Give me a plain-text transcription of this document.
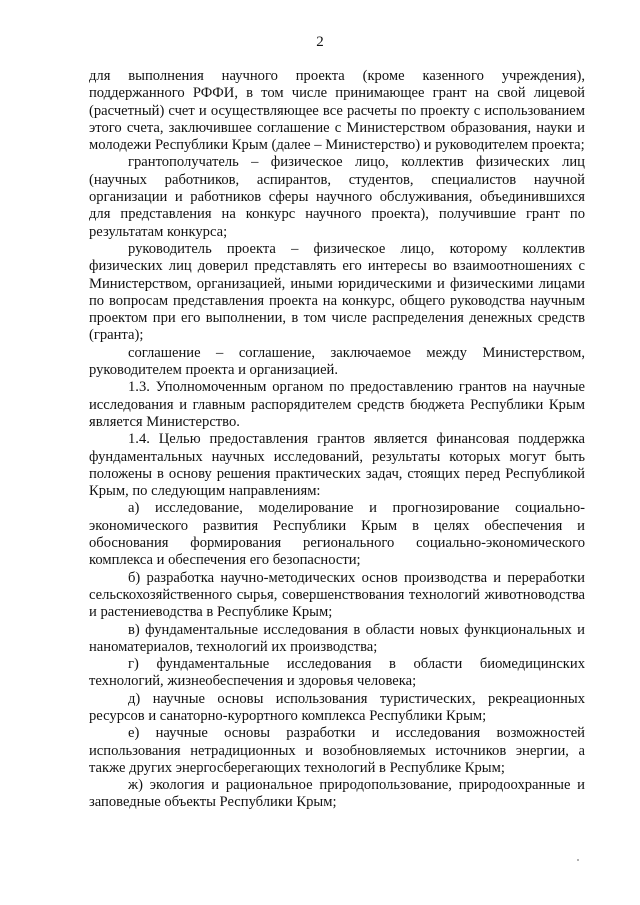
2

для выполнения научного проекта (кроме казенного учреждения), поддержанного РФФИ, в том числе принимающее грант на свой лицевой (расчетный) счет и осуществляющее все расчеты по проекту с использованием этого счета, заключившее соглашение с Министерством образования, науки и молодежи Республики Крым (далее – Министерство) и руководителем проекта;

грантополучатель – физическое лицо, коллектив физических лиц (научных работников, аспирантов, студентов, специалистов научной организации и работников сферы научного обслуживания, объединившихся для представления на конкурс научного проекта), получившие грант по результатам конкурса;

руководитель проекта – физическое лицо, которому коллектив физических лиц доверил представлять его интересы во взаимоотношениях с Министерством, организацией, иными юридическими и физическими лицами по вопросам представления проекта на конкурс, общего руководства научным проектом при его выполнении, в том числе распределения денежных средств (гранта);

соглашение – соглашение, заключаемое между Министерством, руководителем проекта и организацией.

1.3. Уполномоченным органом по предоставлению грантов на научные исследования и главным распорядителем средств бюджета Республики Крым является Министерство.

1.4. Целью предоставления грантов является финансовая поддержка фундаментальных научных исследований, результаты которых могут быть положены в основу решения практических задач, стоящих перед Республикой Крым, по следующим направлениям:

а) исследование, моделирование и прогнозирование социально-экономического развития Республики Крым в целях обеспечения и обоснования формирования регионального социально-экономического комплекса и обеспечения его безопасности;

б) разработка научно-методических основ производства и переработки сельскохозяйственного сырья, совершенствования технологий животноводства и растениеводства в Республике Крым;

в) фундаментальные исследования в области новых функциональных и наноматериалов, технологий их производства;

г) фундаментальные исследования в области биомедицинских технологий, жизнеобеспечения и здоровья человека;

д) научные основы использования туристических, рекреационных ресурсов и санаторно-курортного комплекса Республики Крым;

е) научные основы разработки и исследования возможностей использования нетрадиционных и возобновляемых источников энергии, а также других энергосберегающих технологий в Республике Крым;

ж) экология и рациональное природопользование, природоохранные и заповедные объекты Республики Крым;
